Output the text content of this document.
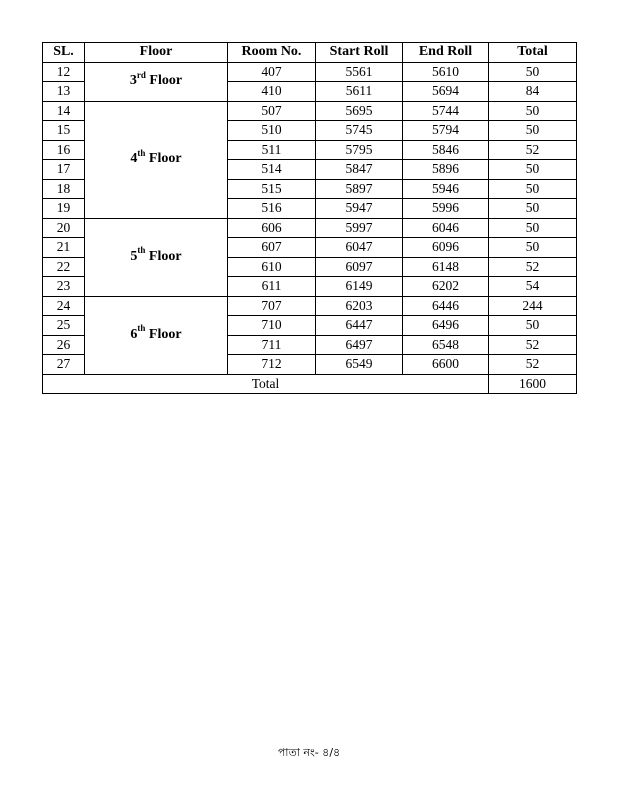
SL.	Floor	Room No.	Start Roll	End Roll	Total
12	3rd Floor	407	5561	5610	50
13		410	5611	5694	84
14	4th Floor	507	5695	5744	50
15		510	5745	5794	50
16		511	5795	5846	52
17		514	5847	5896	50
18		515	5897	5946	50
19		516	5947	5996	50
20	5th Floor	606	5997	6046	50
21		607	6047	6096	50
22		610	6097	6148	52
23		611	6149	6202	54
24	6th Floor	707	6203	6446	244
25		710	6447	6496	50
26		711	6497	6548	52
27		712	6549	6600	52
Total					1600
পাতা নং- ৪/৪
